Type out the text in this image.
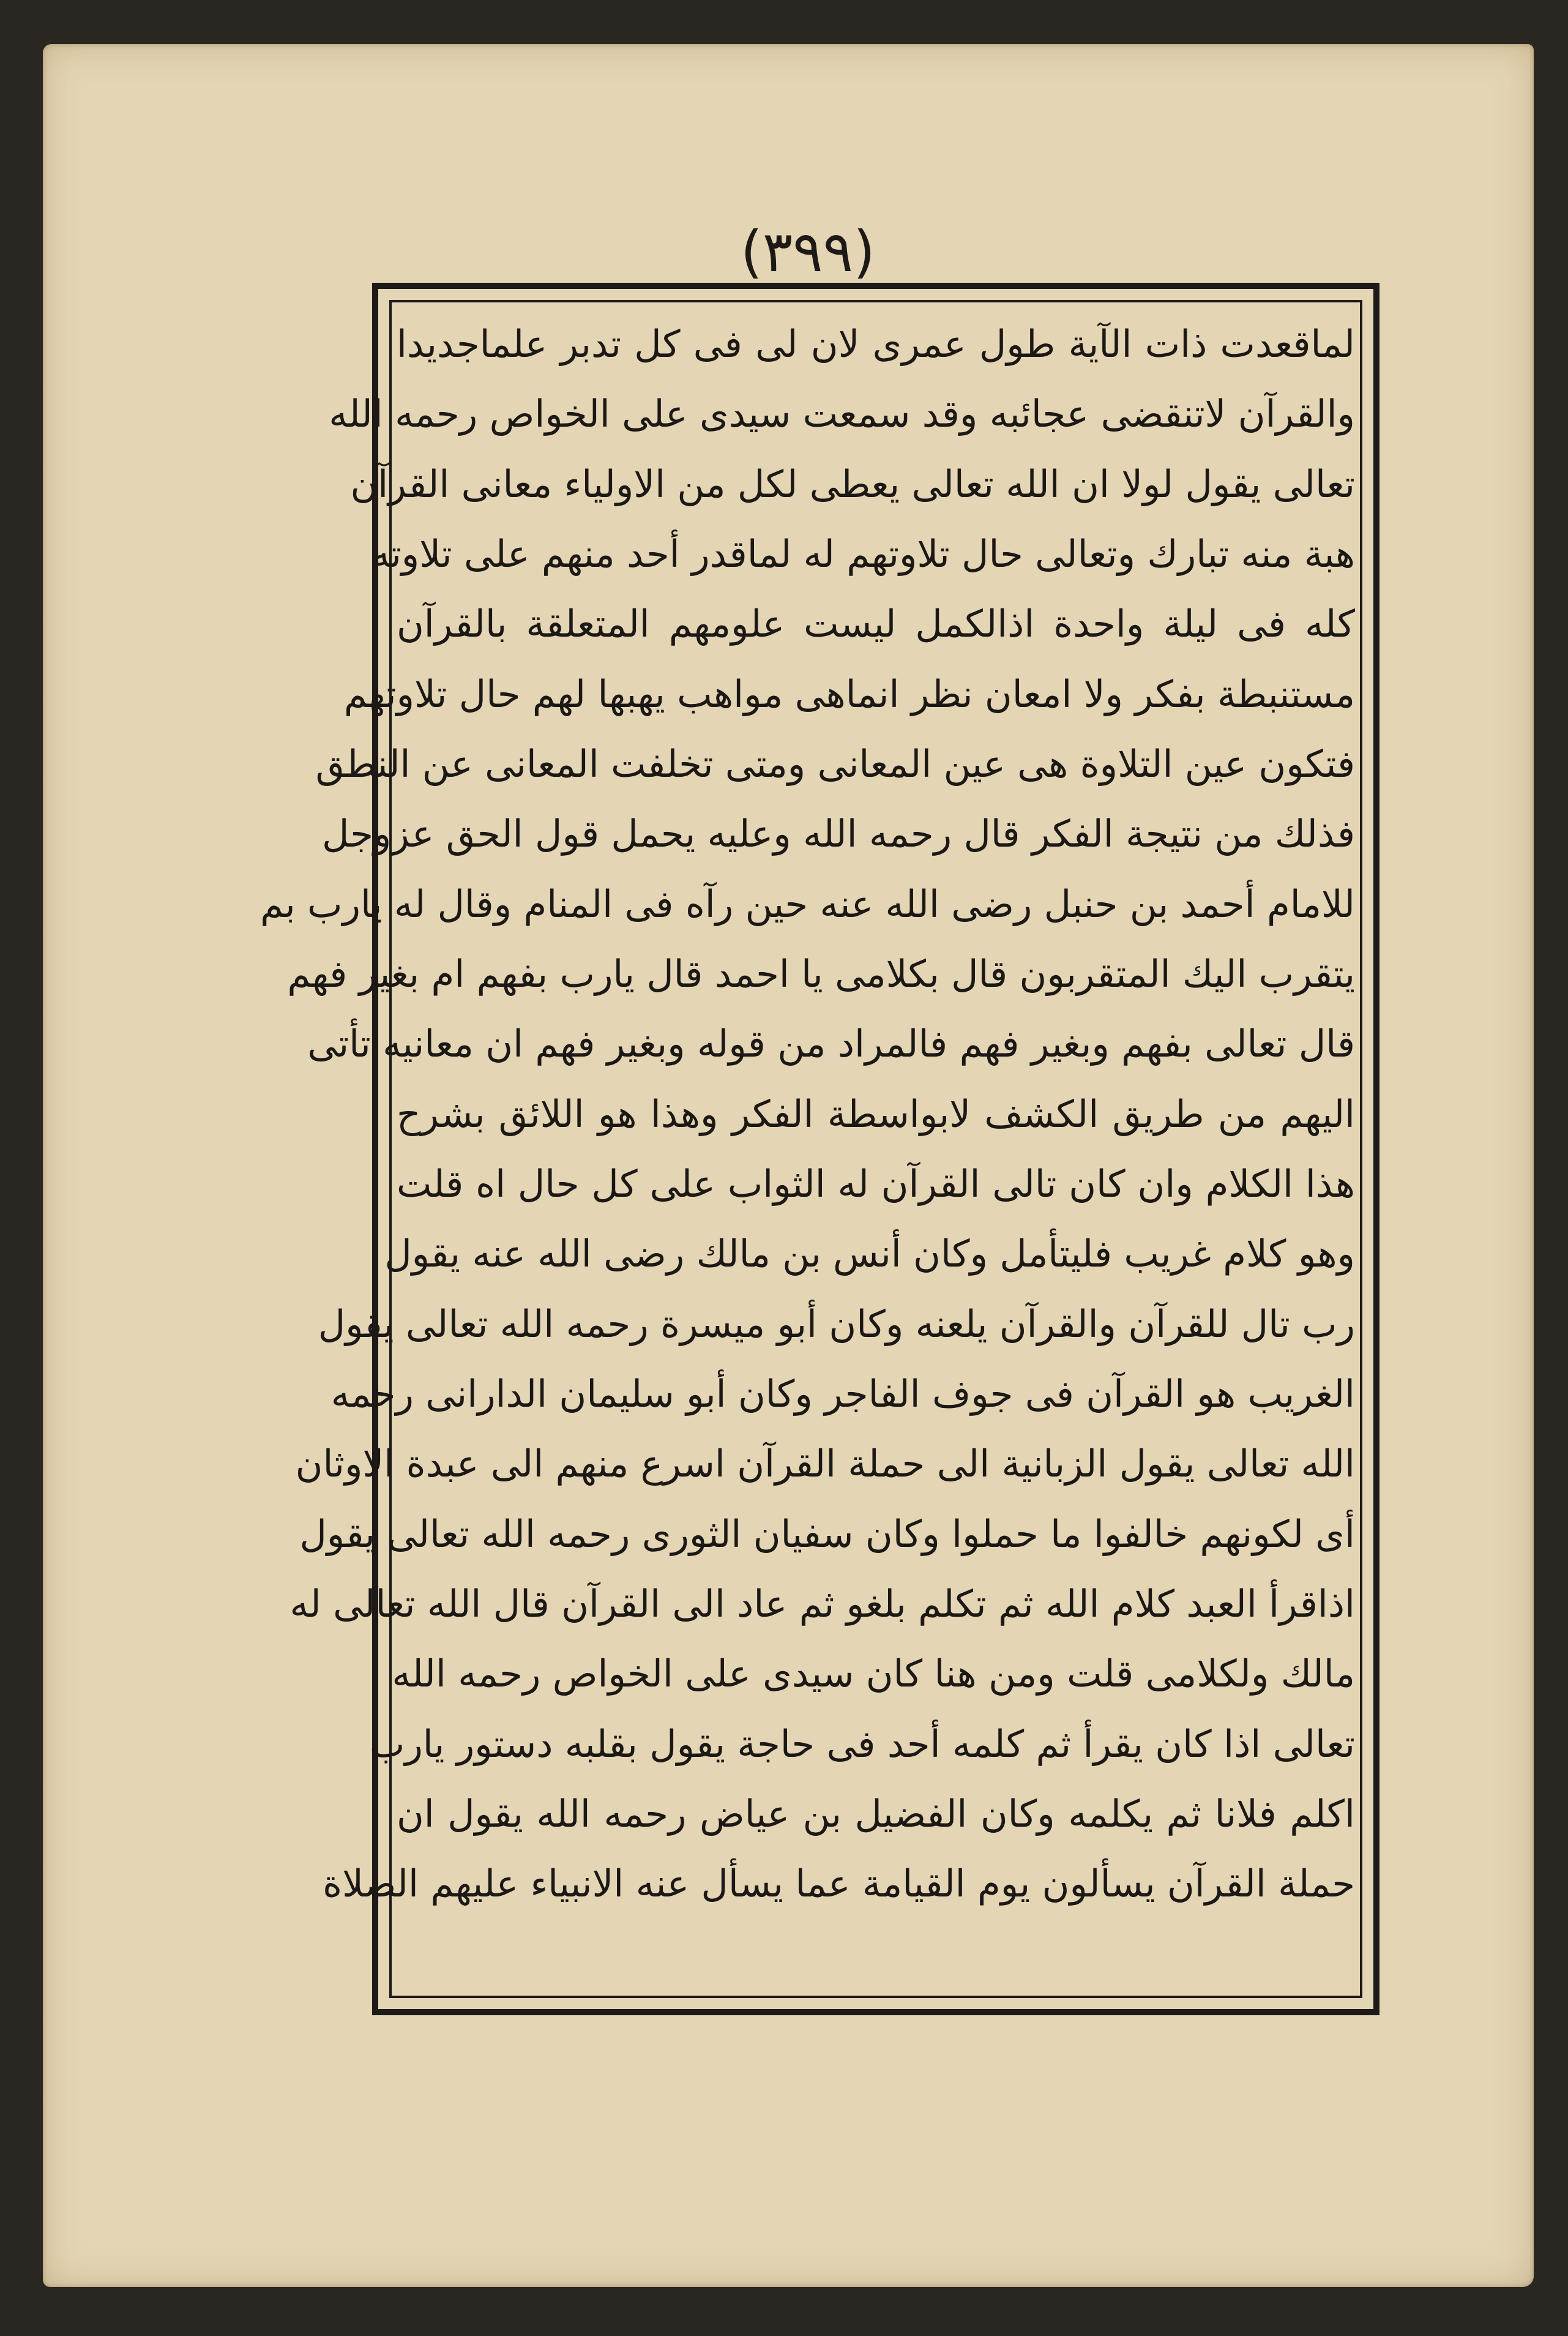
(٣٩٩)
لماقعدت ذات الآية طول عمرى لان لى فى كل تدبر علماجديدا
والقرآن لاتنقضى عجائبه وقد سمعت سيدى على الخواص رحمه الله
تعالى يقول لولا ان الله تعالى يعطى لكل من الاولياء معانى القرآن
هبة منه تبارك وتعالى حال تلاوتهم له لماقدر أحد منهم على تلاوته
كله فى ليلة واحدة اذالكمل ليست علومهم المتعلقة بالقرآن
مستنبطة بفكر ولا امعان نظر انماهى مواهب يهبها لهم حال تلاوتهم
فتكون عين التلاوة هى عين المعانى ومتى تخلفت المعانى عن النطق
فذلك من نتيجة الفكر قال رحمه الله وعليه يحمل قول الحق عزوجل
للامام أحمد بن حنبل رضى الله عنه حين رآه فى المنام وقال له يارب بم
يتقرب اليك المتقربون قال بكلامى يا احمد قال يارب بفهم ام بغير فهم
قال تعالى بفهم وبغير فهم فالمراد من قوله وبغير فهم ان معانيه تأتى
اليهم من طريق الكشف لابواسطة الفكر وهذا هو اللائق بشرح
هذا الكلام وان كان تالى القرآن له الثواب على كل حال اه قلت
وهو كلام غريب فليتأمل وكان أنس بن مالك رضى الله عنه يقول
رب تال للقرآن والقرآن يلعنه وكان أبو ميسرة رحمه الله تعالى يقول
الغريب هو القرآن فى جوف الفاجر وكان أبو سليمان الدارانى رحمه
الله تعالى يقول الزبانية الى حملة القرآن اسرع منهم الى عبدة الاوثان
أى لكونهم خالفوا ما حملوا وكان سفيان الثورى رحمه الله تعالى يقول
اذاقرأ العبد كلام الله ثم تكلم بلغو ثم عاد الى القرآن قال الله تعالى له
مالك ولكلامى قلت ومن هنا كان سيدى على الخواص رحمه الله
تعالى اذا كان يقرأ ثم كلمه أحد فى حاجة يقول بقلبه دستور يارب
اكلم فلانا ثم يكلمه وكان الفضيل بن عياض رحمه الله يقول ان
حملة القرآن يسألون يوم القيامة عما يسأل عنه الانبياء عليهم الصلاة
